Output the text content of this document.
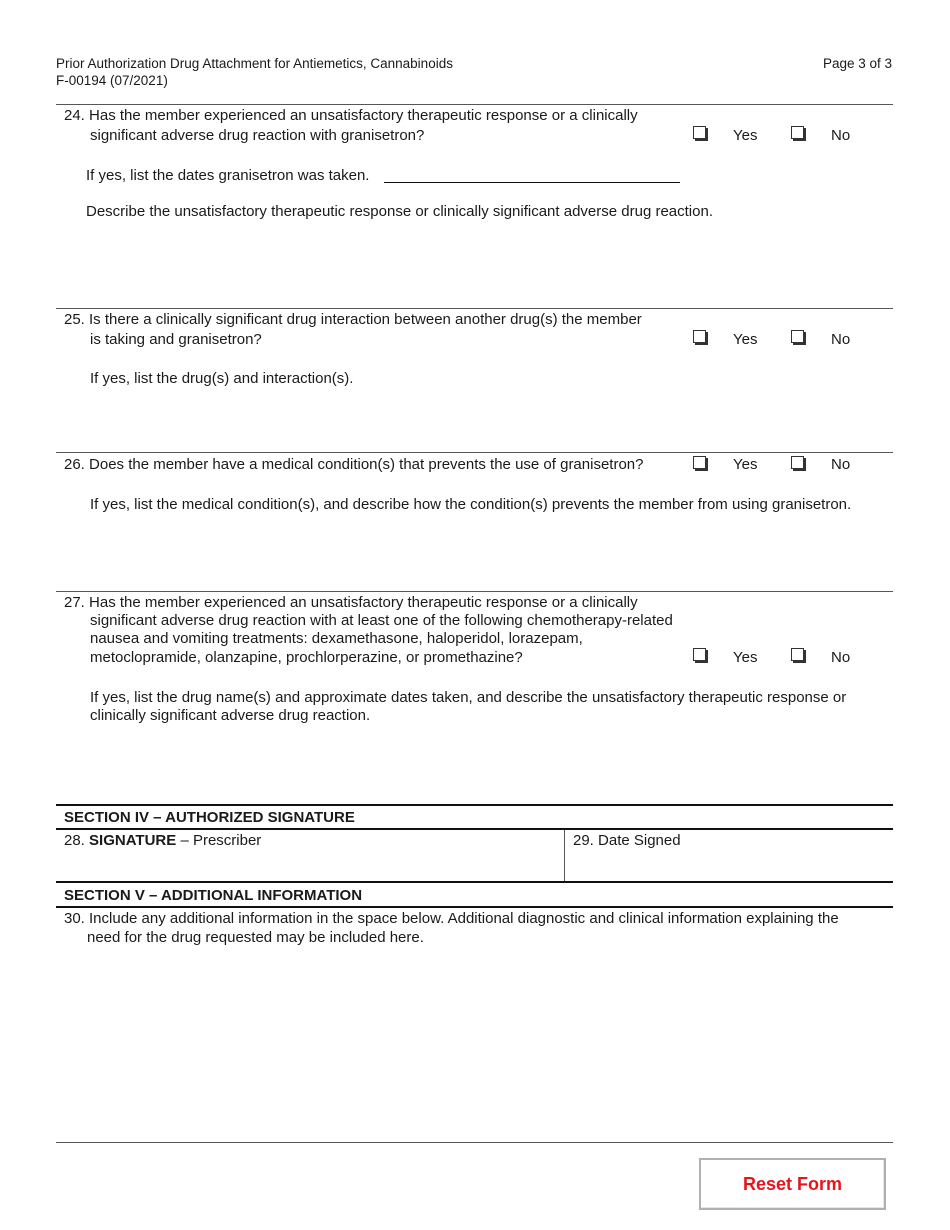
Prior Authorization Drug Attachment for Antiemetics, Cannabinoids
F-00194 (07/2021)
Page 3 of 3
24. Has the member experienced an unsatisfactory therapeutic response or a clinically
significant adverse drug reaction with granisetron?	Yes	No
If yes, list the dates granisetron was taken.
Describe the unsatisfactory therapeutic response or clinically significant adverse drug reaction.
25. Is there a clinically significant drug interaction between another drug(s) the member
is taking and granisetron?	Yes	No
If yes, list the drug(s) and interaction(s).
26. Does the member have a medical condition(s) that prevents the use of granisetron?	Yes	No
If yes, list the medical condition(s), and describe how the condition(s) prevents the member from using granisetron.
27. Has the member experienced an unsatisfactory therapeutic response or a clinically
significant adverse drug reaction with at least one of the following chemotherapy-related
nausea and vomiting treatments: dexamethasone, haloperidol, lorazepam,
metoclopramide, olanzapine, prochlorperazine, or promethazine?	Yes	No
If yes, list the drug name(s) and approximate dates taken, and describe the unsatisfactory therapeutic response or
clinically significant adverse drug reaction.
SECTION IV – AUTHORIZED SIGNATURE
28. SIGNATURE – Prescriber	29. Date Signed
SECTION V – ADDITIONAL INFORMATION
30. Include any additional information in the space below. Additional diagnostic and clinical information explaining the
need for the drug requested may be included here.
Reset Form
